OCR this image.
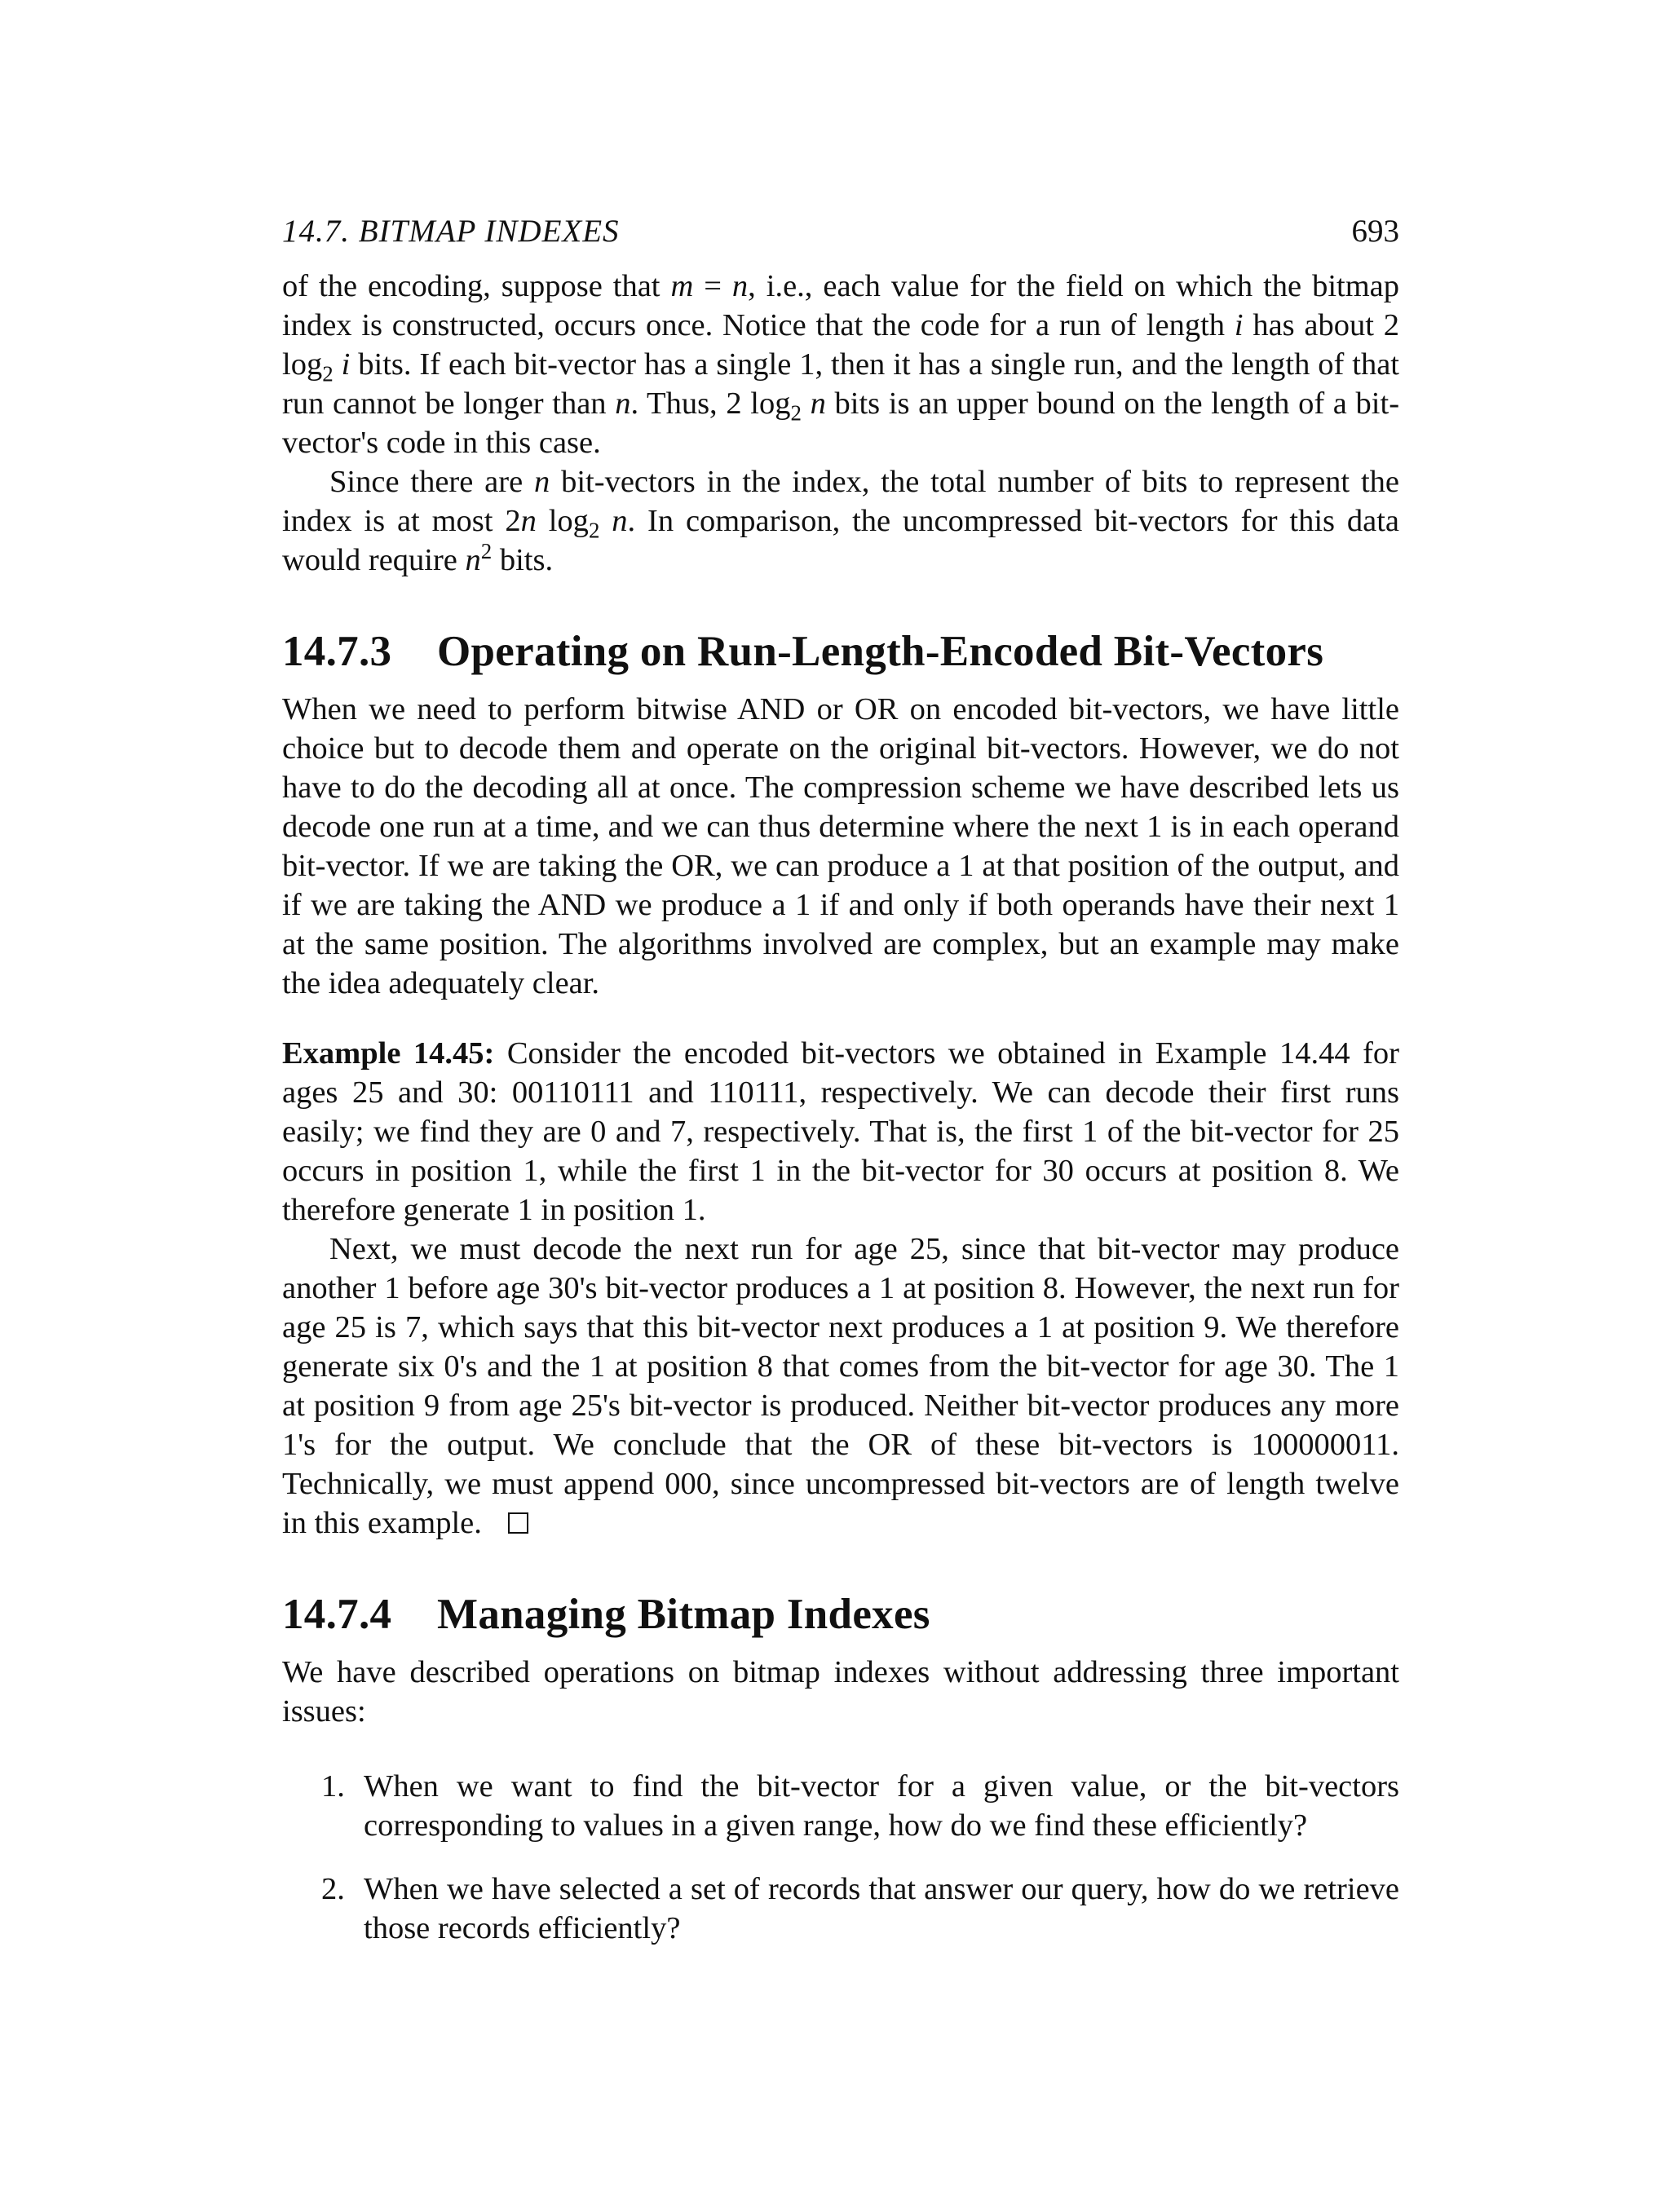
14.7. BITMAP INDEXES	693

of the encoding, suppose that m = n, i.e., each value for the field on which the bitmap index is constructed, occurs once. Notice that the code for a run of length i has about 2 $\log_2 i$ bits. If each bit-vector has a single 1, then it has a single run, and the length of that run cannot be longer than n. Thus, 2 $\log_2 n$ bits is an upper bound on the length of a bit-vector's code in this case.

Since there are n bit-vectors in the index, the total number of bits to represent the index is at most 2n $\log_2 n$. In comparison, the uncompressed bit-vectors for this data would require $n^2$ bits.

14.7.3 Operating on Run-Length-Encoded Bit-Vectors

When we need to perform bitwise AND or OR on encoded bit-vectors, we have little choice but to decode them and operate on the original bit-vectors. However, we do not have to do the decoding all at once. The compression scheme we have described lets us decode one run at a time, and we can thus determine where the next 1 is in each operand bit-vector. If we are taking the OR, we can produce a 1 at that position of the output, and if we are taking the AND we produce a 1 if and only if both operands have their next 1 at the same position. The algorithms involved are complex, but an example may make the idea adequately clear.

Example 14.45: Consider the encoded bit-vectors we obtained in Example 14.44 for ages 25 and 30: 00110111 and 110111, respectively. We can decode their first runs easily; we find they are 0 and 7, respectively. That is, the first 1 of the bit-vector for 25 occurs in position 1, while the first 1 in the bit-vector for 30 occurs at position 8. We therefore generate 1 in position 1.

Next, we must decode the next run for age 25, since that bit-vector may produce another 1 before age 30's bit-vector produces a 1 at position 8. However, the next run for age 25 is 7, which says that this bit-vector next produces a 1 at position 9. We therefore generate six 0's and the 1 at position 8 that comes from the bit-vector for age 30. The 1 at position 9 from age 25's bit-vector is produced. Neither bit-vector produces any more 1's for the output. We conclude that the OR of these bit-vectors is 100000011. Technically, we must append 000, since uncompressed bit-vectors are of length twelve in this example.

14.7.4 Managing Bitmap Indexes

We have described operations on bitmap indexes without addressing three important issues:

1. When we want to find the bit-vector for a given value, or the bit-vectors corresponding to values in a given range, how do we find these efficiently?
2. When we have selected a set of records that answer our query, how do we retrieve those records efficiently?
